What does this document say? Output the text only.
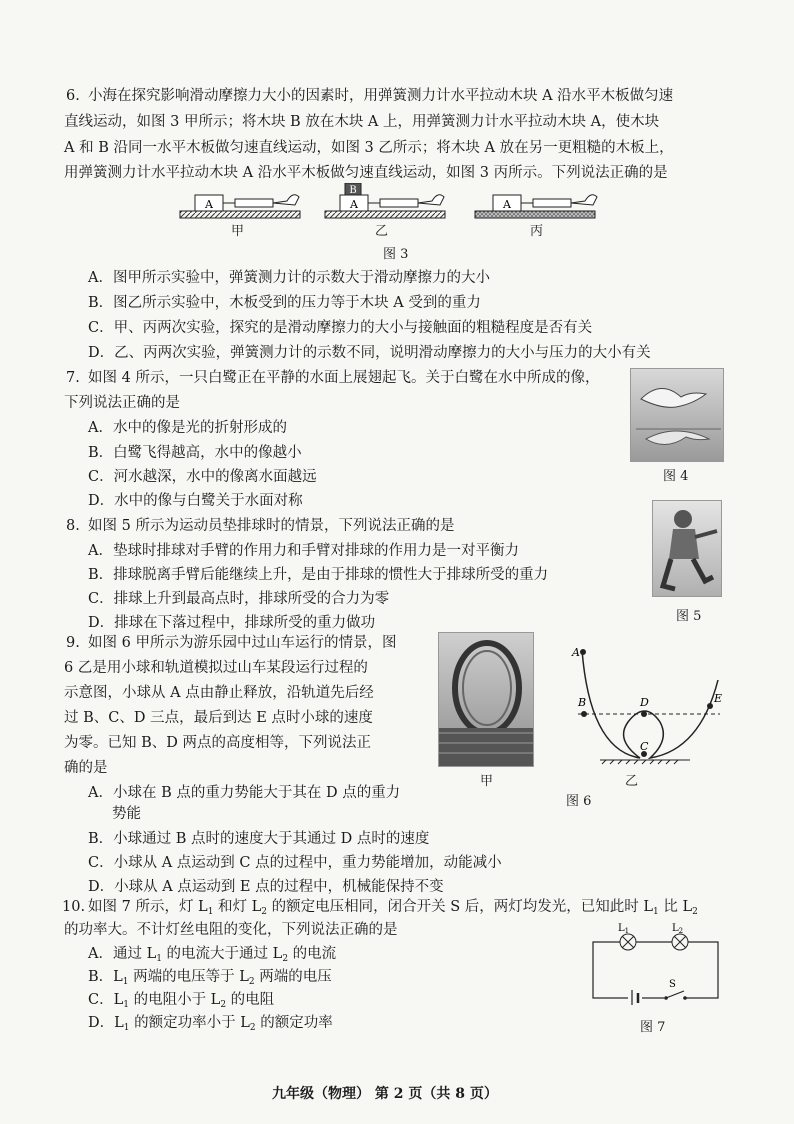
6. 小海在探究影响滑动摩擦力大小的因素时，用弹簧测力计水平拉动木块 A 沿水平木板做匀速
直线运动，如图 3 甲所示；将木块 B 放在木块 A 上，用弹簧测力计水平拉动木块 A，使木块
A 和 B 沿同一水平木板做匀速直线运动，如图 3 乙所示；将木块 A 放在另一更粗糙的木板上，
用弹簧测力计水平拉动木块 A 沿水平木板做匀速直线运动，如图 3 丙所示。下列说法正确的是
A	A
B
A
甲	乙	丙
图 3
A．图甲所示实验中，弹簧测力计的示数大于滑动摩擦力的大小
B．图乙所示实验中，木板受到的压力等于木块 A 受到的重力
C．甲、丙两次实验，探究的是滑动摩擦力的大小与接触面的粗糙程度是否有关
D．乙、丙两次实验，弹簧测力计的示数不同，说明滑动摩擦力的大小与压力的大小有关
7. 如图 4 所示，一只白鹭正在平静的水面上展翅起飞。关于白鹭在水中所成的像，
下列说法正确的是
A．水中的像是光的折射形成的
B．白鹭飞得越高，水中的像越小
C．河水越深，水中的像离水面越远
D．水中的像与白鹭关于水面对称
图 4
8. 如图 5 所示为运动员垫排球时的情景，下列说法正确的是
A．垫球时排球对手臂的作用力和手臂对排球的作用力是一对平衡力
B．排球脱离手臂后能继续上升，是由于排球的惯性大于排球所受的重力
C．排球上升到最高点时，排球所受的合力为零
D．排球在下落过程中，排球所受的重力做功	图 5
9. 如图 6 甲所示为游乐园中过山车运行的情景，图
6 乙是用小球和轨道模拟过山车某段运行过程的
示意图，小球从 A 点由静止释放，沿轨道先后经
过 B、C、D 三点，最后到达 E 点时小球的速度
为零。已知 B、D 两点的高度相等，下列说法正
确的是
A．小球在 B 点的重力势能大于其在 D 点的重力
势能
B．小球通过 B 点时的速度大于其通过 D 点时的速度
C．小球从 A 点运动到 C 点的过程中，重力势能增加，动能减小
D．小球从 A 点运动到 E 点的过程中，机械能保持不变
甲
A
B
C
D	E
乙
图 6
10. 如图 7 所示，灯 $L_1$ 和灯 $L_2$ 的额定电压相同，闭合开关 S 后，两灯均发光，已知此时 $L_1$ 比 $L_2$
的功率大。不计灯丝电阻的变化，下列说法正确的是
A．通过 $L_1$ 的电流大于通过 $L_2$ 的电流
B．$L_1$ 两端的电压等于 $L_2$ 两端的电压
C．$L_1$ 的电阻小于 $L_2$ 的电阻
D．$L_1$ 的额定功率小于 $L_2$ 的额定功率
$L_1$	$L_2$
S
图 7
九年级（物理） 第 2 页（共 8 页）
